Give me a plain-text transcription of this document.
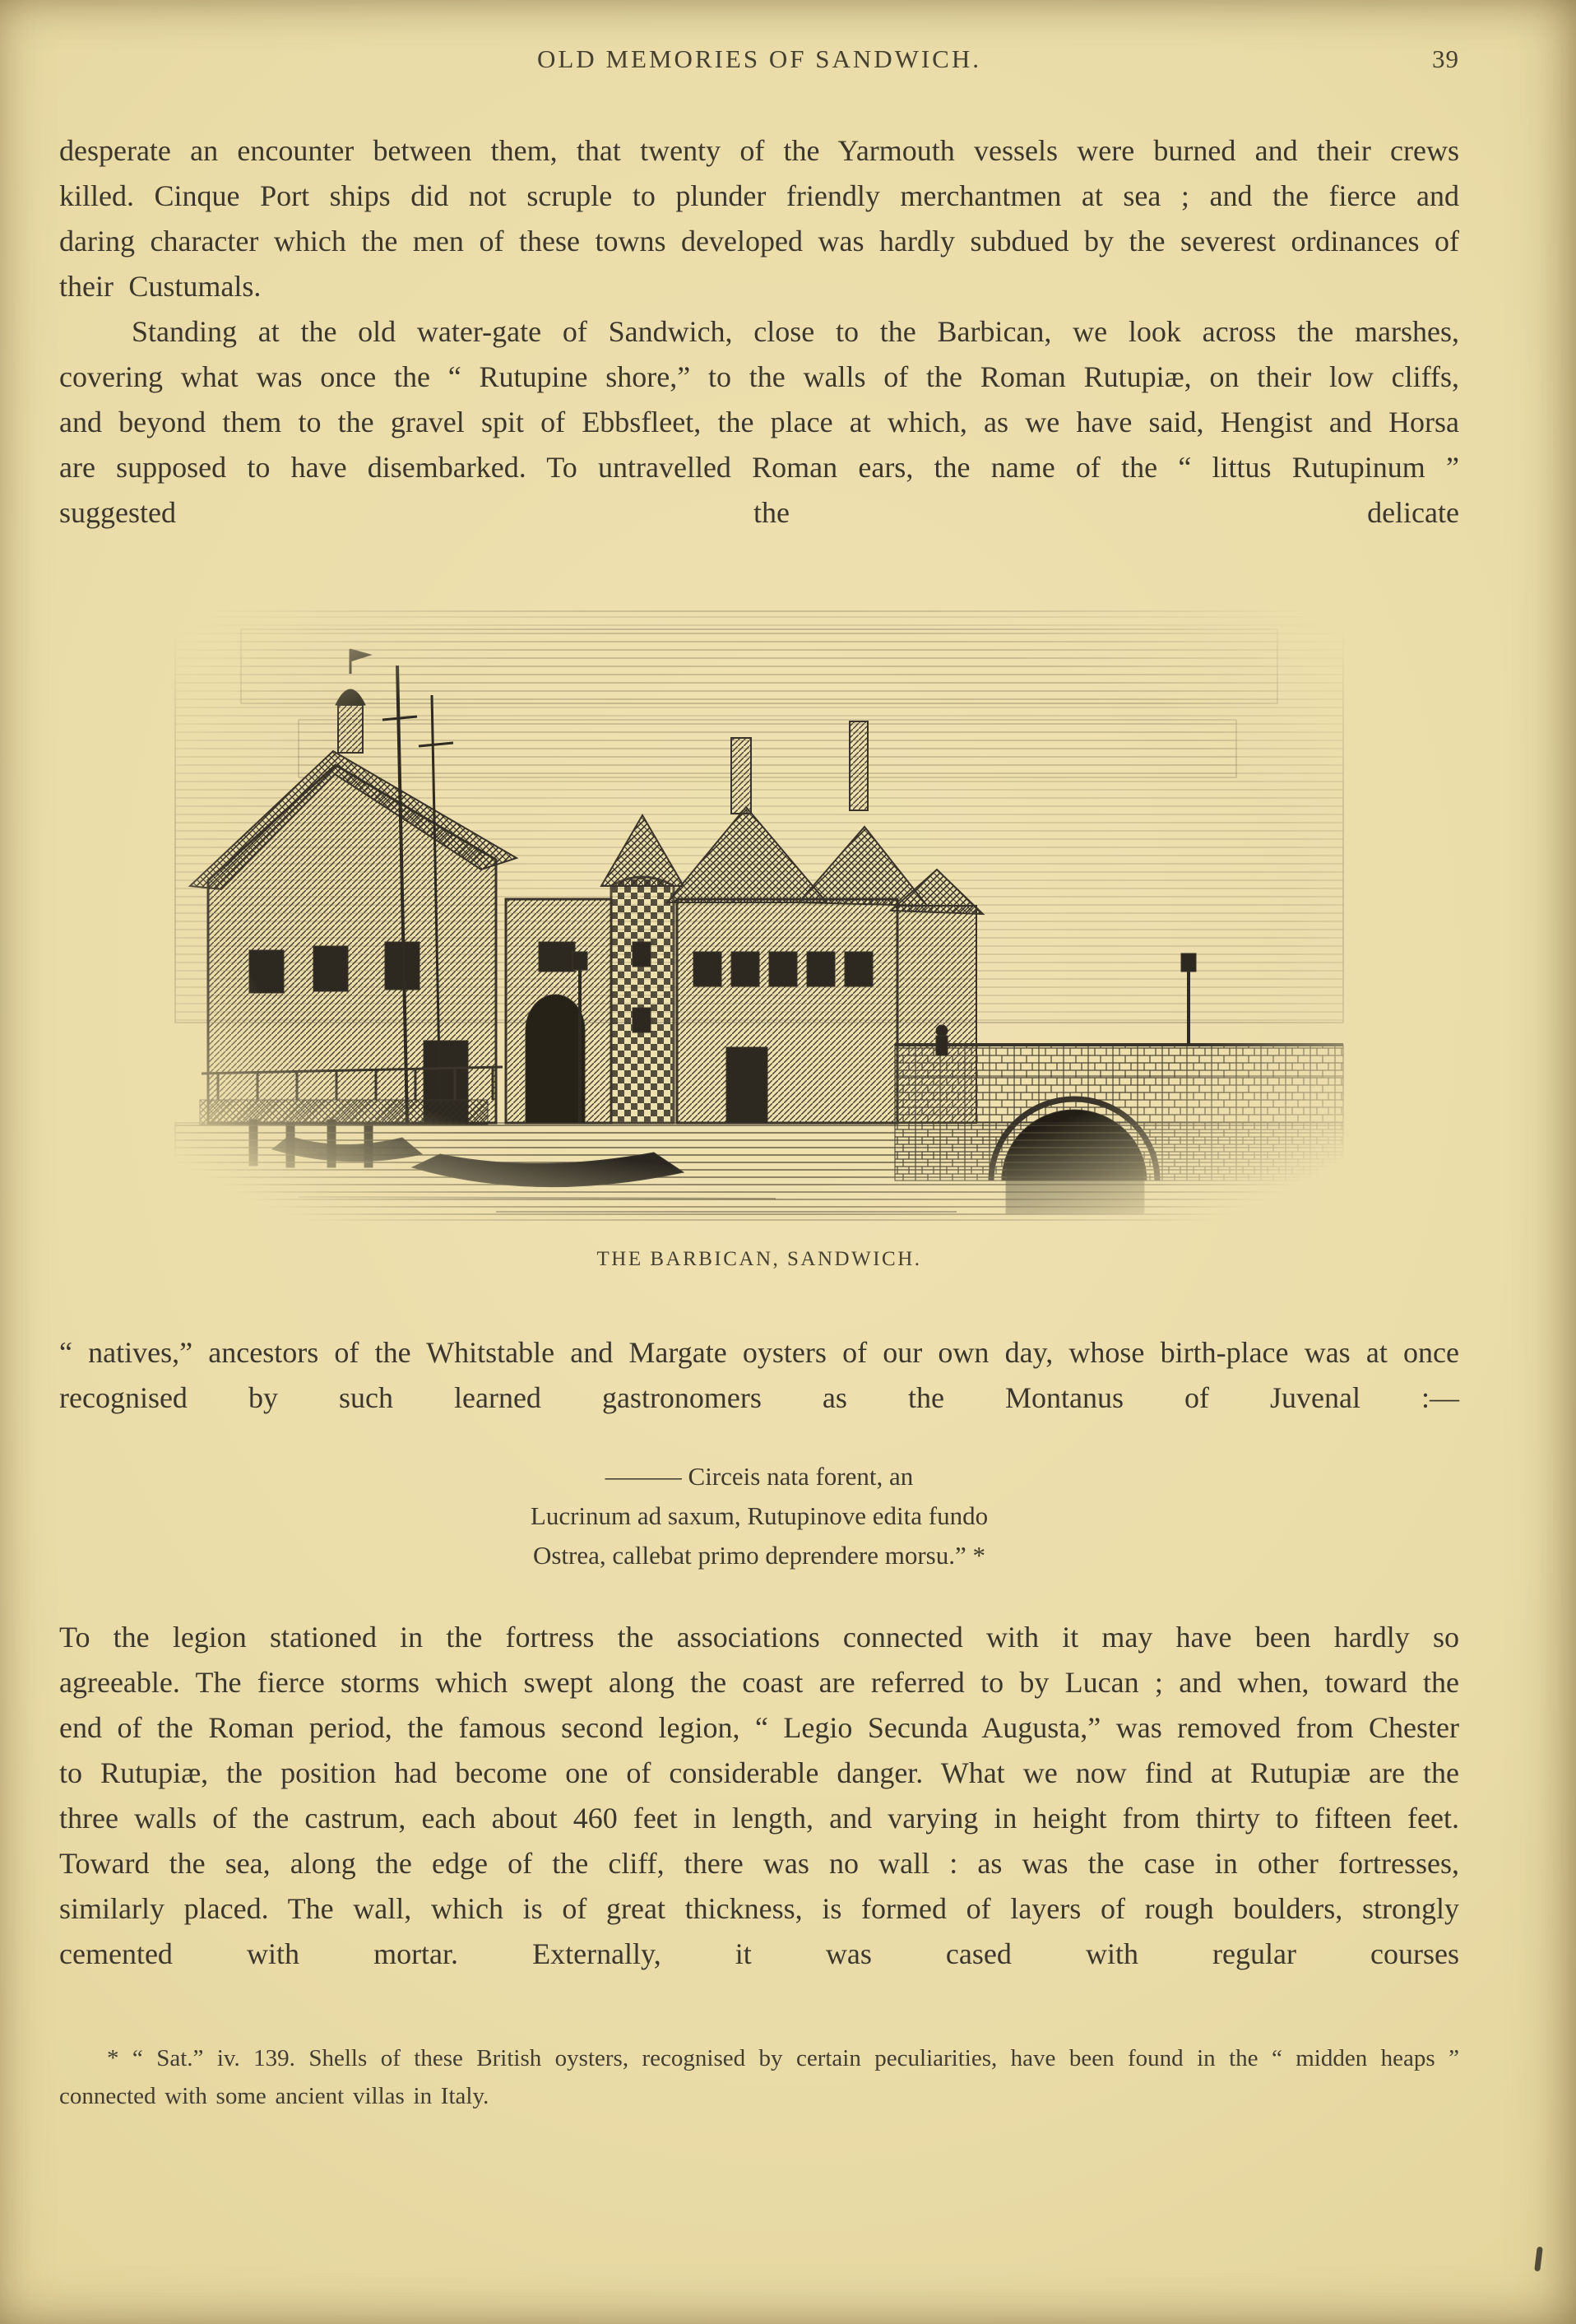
OLD MEMORIES OF SANDWICH.	39

desperate an encounter between them, that twenty of the Yarmouth vessels were burned and their crews killed. Cinque Port ships did not scruple to plunder friendly merchantmen at sea ; and the fierce and daring character which the men of these towns developed was hardly subdued by the severest ordinances of their Custumals.

Standing at the old water-gate of Sandwich, close to the Barbican, we look across the marshes, covering what was once the “ Rutupine shore,” to the walls of the Roman Rutupiæ, on their low cliffs, and beyond them to the gravel spit of Ebbsfleet, the place at which, as we have said, Hengist and Horsa are supposed to have disembarked. To untravelled Roman ears, the name of the “ littus Rutupinum ” suggested the delicate

THE BARBICAN, SANDWICH.

“ natives,” ancestors of the Whitstable and Margate oysters of our own day, whose birth-place was at once recognised by such learned gastronomers as the Montanus of Juvenal :—

——— Circeis nata forent, an
Lucrinum ad saxum, Rutupinove edita fundo
Ostrea, callebat primo deprendere morsu.” *

To the legion stationed in the fortress the associations connected with it may have been hardly so agreeable. The fierce storms which swept along the coast are referred to by Lucan ; and when, toward the end of the Roman period, the famous second legion, “ Legio Secunda Augusta,” was removed from Chester to Rutupiæ, the position had become one of considerable danger. What we now find at Rutupiæ are the three walls of the castrum, each about 460 feet in length, and varying in height from thirty to fifteen feet. Toward the sea, along the edge of the cliff, there was no wall : as was the case in other fortresses, similarly placed. The wall, which is of great thickness, is formed of layers of rough boulders, strongly cemented with mortar. Externally, it was cased with regular courses

* “ Sat.” iv. 139. Shells of these British oysters, recognised by certain peculiarities, have been found in the “ midden heaps ” connected with some ancient villas in Italy.
